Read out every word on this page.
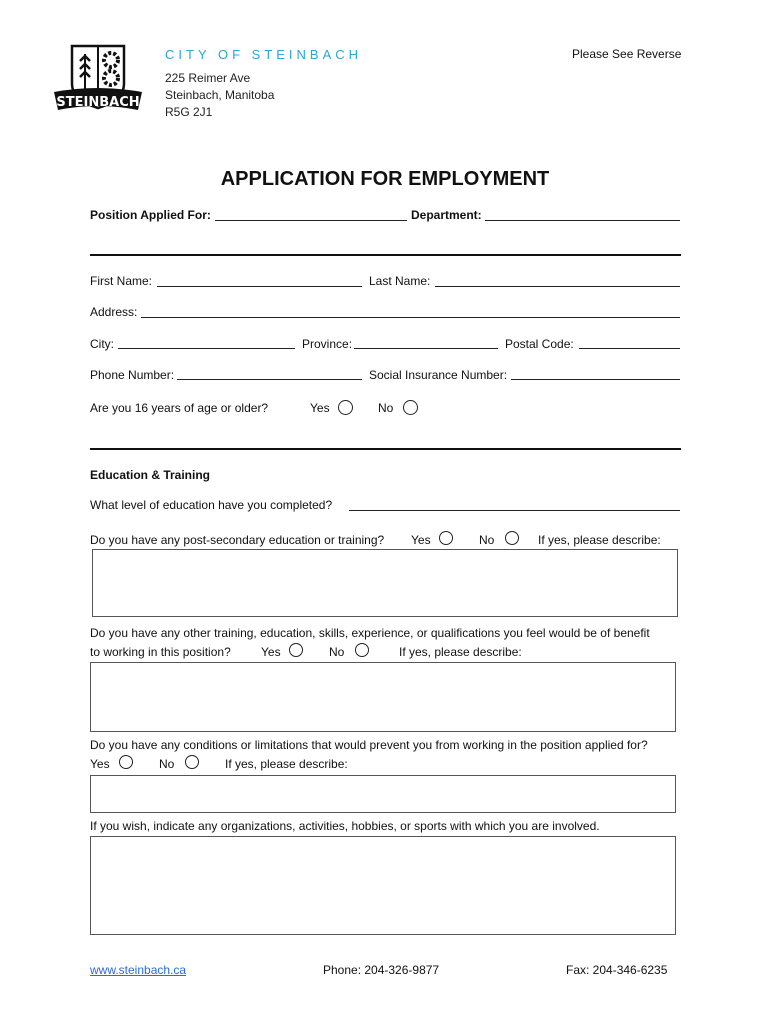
STEINBACH
CITY OF STEINBACH
225 Reimer Ave
Steinbach, Manitoba
R5G 2J1
Please See Reverse
APPLICATION FOR EMPLOYMENT
Position Applied For:	Department:
First Name:	Last Name:
Address:
City:	Province:	Postal Code:
Phone Number:	Social Insurance Number:
Are you 16 years of age or older?	Yes	No
Education & Training
What level of education have you completed?
Do you have any post-secondary education or training? Yes	No	If yes, please describe:
Do you have any other training, education, skills, experience, or qualifications you feel would be of benefit
to working in this position?	Yes	No	If yes, please describe:
Do you have any conditions or limitations that would prevent you from working in the position applied for?
Yes	No	If yes, please describe:
If you wish, indicate any organizations, activities, hobbies, or sports with which you are involved.
www.steinbach.ca	Phone: 204-326-9877	Fax: 204-346-6235
